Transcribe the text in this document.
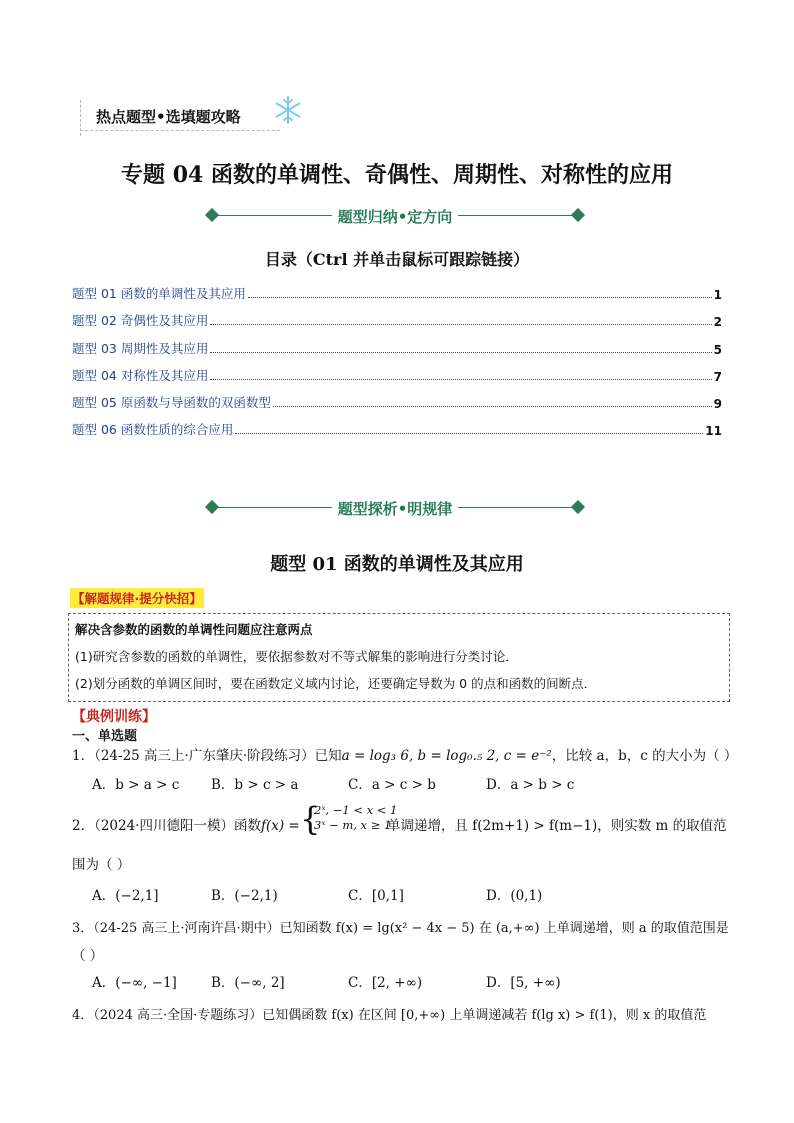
热点题型•选填题攻略
专题 04 函数的单调性、奇偶性、周期性、对称性的应用
题型归纳•定方向
目录（Ctrl 并单击鼠标可跟踪链接）
题型 01 函数的单调性及其应用	1
题型 02 奇偶性及其应用	2
题型 03 周期性及其应用	5
题型 04 对称性及其应用	7
题型 05 原函数与导函数的双函数型	9
题型 06 函数性质的综合应用	11
题型探析•明规律
题型 01 函数的单调性及其应用
【解题规律·提分快招】
解决含参数的函数的单调性问题应注意两点
(1)研究含参数的函数的单调性，要依据参数对不等式解集的影响进行分类讨论．
(2)划分函数的单调区间时，要在函数定义域内讨论，还要确定导数为 0 的点和函数的间断点．
【典例训练】
一、单选题
1．（24-25 高三上·广东肇庆·阶段练习）已知a = log₃ 6, b = log₀.₅ 2, c = e⁻²，比较 a，b，c 的大小为（ ）
A．b > a > c B．b > c > a	C．a > c > b	D．a > b > c
2．（2024·四川德阳一模）函数f(x) = {
2ˣ, −1 < x < 1
3ˣ − m, x ≥ 1
单调递增，且 f(2m+1) > f(m−1)，则实数 m 的取值范
围为（ ）
A．(−2,1]	B．(−2,1)	C．[0,1]	D．(0,1)
3．（24-25 高三上·河南许昌·期中）已知函数 f(x) = lg(x² − 4x − 5) 在 (a,+∞) 上单调递增，则 a 的取值范围是
（ ）
A．(−∞, −1]	B．(−∞, 2]	C．[2, +∞)	D．[5, +∞)
4．（2024 高三·全国·专题练习）已知偶函数 f(x) 在区间 [0,+∞) 上单调递减若 f(lg x) > f(1)，则 x 的取值范
